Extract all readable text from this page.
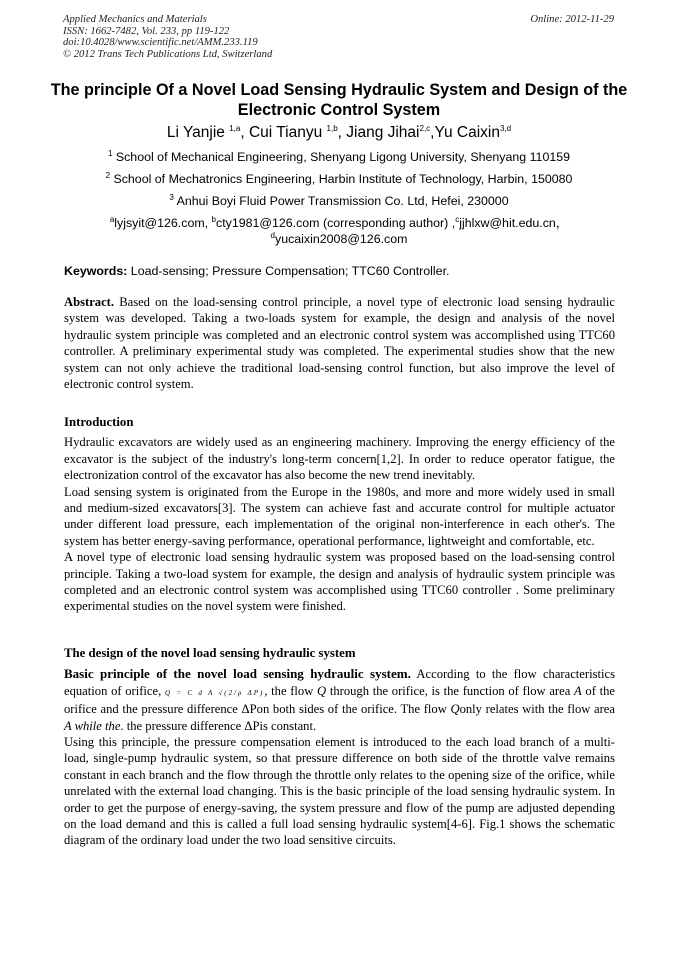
Applied Mechanics and Materials
ISSN: 1662-7482, Vol. 233, pp 119-122
doi:10.4028/www.scientific.net/AMM.233.119
© 2012 Trans Tech Publications Ltd, Switzerland
Online: 2012-11-29
The principle Of a Novel Load Sensing Hydraulic System and Design of the Electronic Control System
Li Yanjie $^{1,a}$, Cui Tianyu $^{1,b}$, Jiang Jihai$^{2,c}$,Yu Caixin$^{3,d}$
$^1$ School of Mechanical Engineering, Shenyang Ligong University, Shenyang 110159
$^2$ School of Mechatronics Engineering, Harbin Institute of Technology, Harbin, 150080
$^3$ Anhui Boyi Fluid Power Transmission Co. Ltd, Hefei, 230000
$^a$lyjsyit@126.com, $^b$cty1981@126.com (corresponding author) ,$^c$jjhlxw@hit.edu.cn，
$^d$yucaixin2008@126.com
Keywords: Load-sensing; Pressure Compensation; TTC60 Controller.

Abstract. Based on the load-sensing control principle, a novel type of electronic load sensing hydraulic system was developed. Taking a two-loads system for example, the design and analysis of the novel hydraulic system principle was completed and an electronic control system was accomplished using TTC60 controller. A preliminary experimental study was completed. The experimental studies show that the new system can not only achieve the traditional load-sensing control function, but also improve the level of electronic control system.

Introduction

Hydraulic excavators are widely used as an engineering machinery. Improving the energy efficiency of the excavator is the subject of the industry's long-term concern[1,2]. In order to reduce operator fatigue, the electronization control of the excavator has also become the new trend inevitably.

Load sensing system is originated from the Europe in the 1980s, and more and more widely used in small and medium-sized excavators[3]. The system can achieve fast and accurate control for multiple actuator under different load pressure, each implementation of the original non-interference in each other's. The system has better energy-saving performance, operational performance, lightweight and comfortable, etc.

A novel type of electronic load sensing hydraulic system was proposed based on the load-sensing control principle. Taking a two-load system for example, the design and analysis of hydraulic system principle was completed and an electronic control system was accomplished using TTC60 controller . Some preliminary experimental studies on the novel system were finished.

The design of the novel load sensing hydraulic system

Basic principle of the novel load sensing hydraulic system. According to the flow characteristics equation of orifice, Q = C d A √(2/ρ ΔP), the flow Q through the orifice, is the function of flow area A of the orifice and the pressure difference ΔPon both sides of the orifice. The flow Qonly relates with the flow area A while the. the pressure difference ΔPis constant.

Using this principle, the pressure compensation element is introduced to the each load branch of a multi-load, single-pump hydraulic system, so that pressure difference on both side of the throttle valve remains constant in each branch and the flow through the throttle only relates to the opening size of the orifice, while unrelated with the external load changing. This is the basic principle of the load sensing hydraulic system. In order to get the purpose of energy-saving, the system pressure and flow of the pump are adjusted depending on the load demand and this is called a full load sensing hydraulic system[4-6]. Fig.1 shows the schematic diagram of the ordinary load under the two load sensitive circuits.
